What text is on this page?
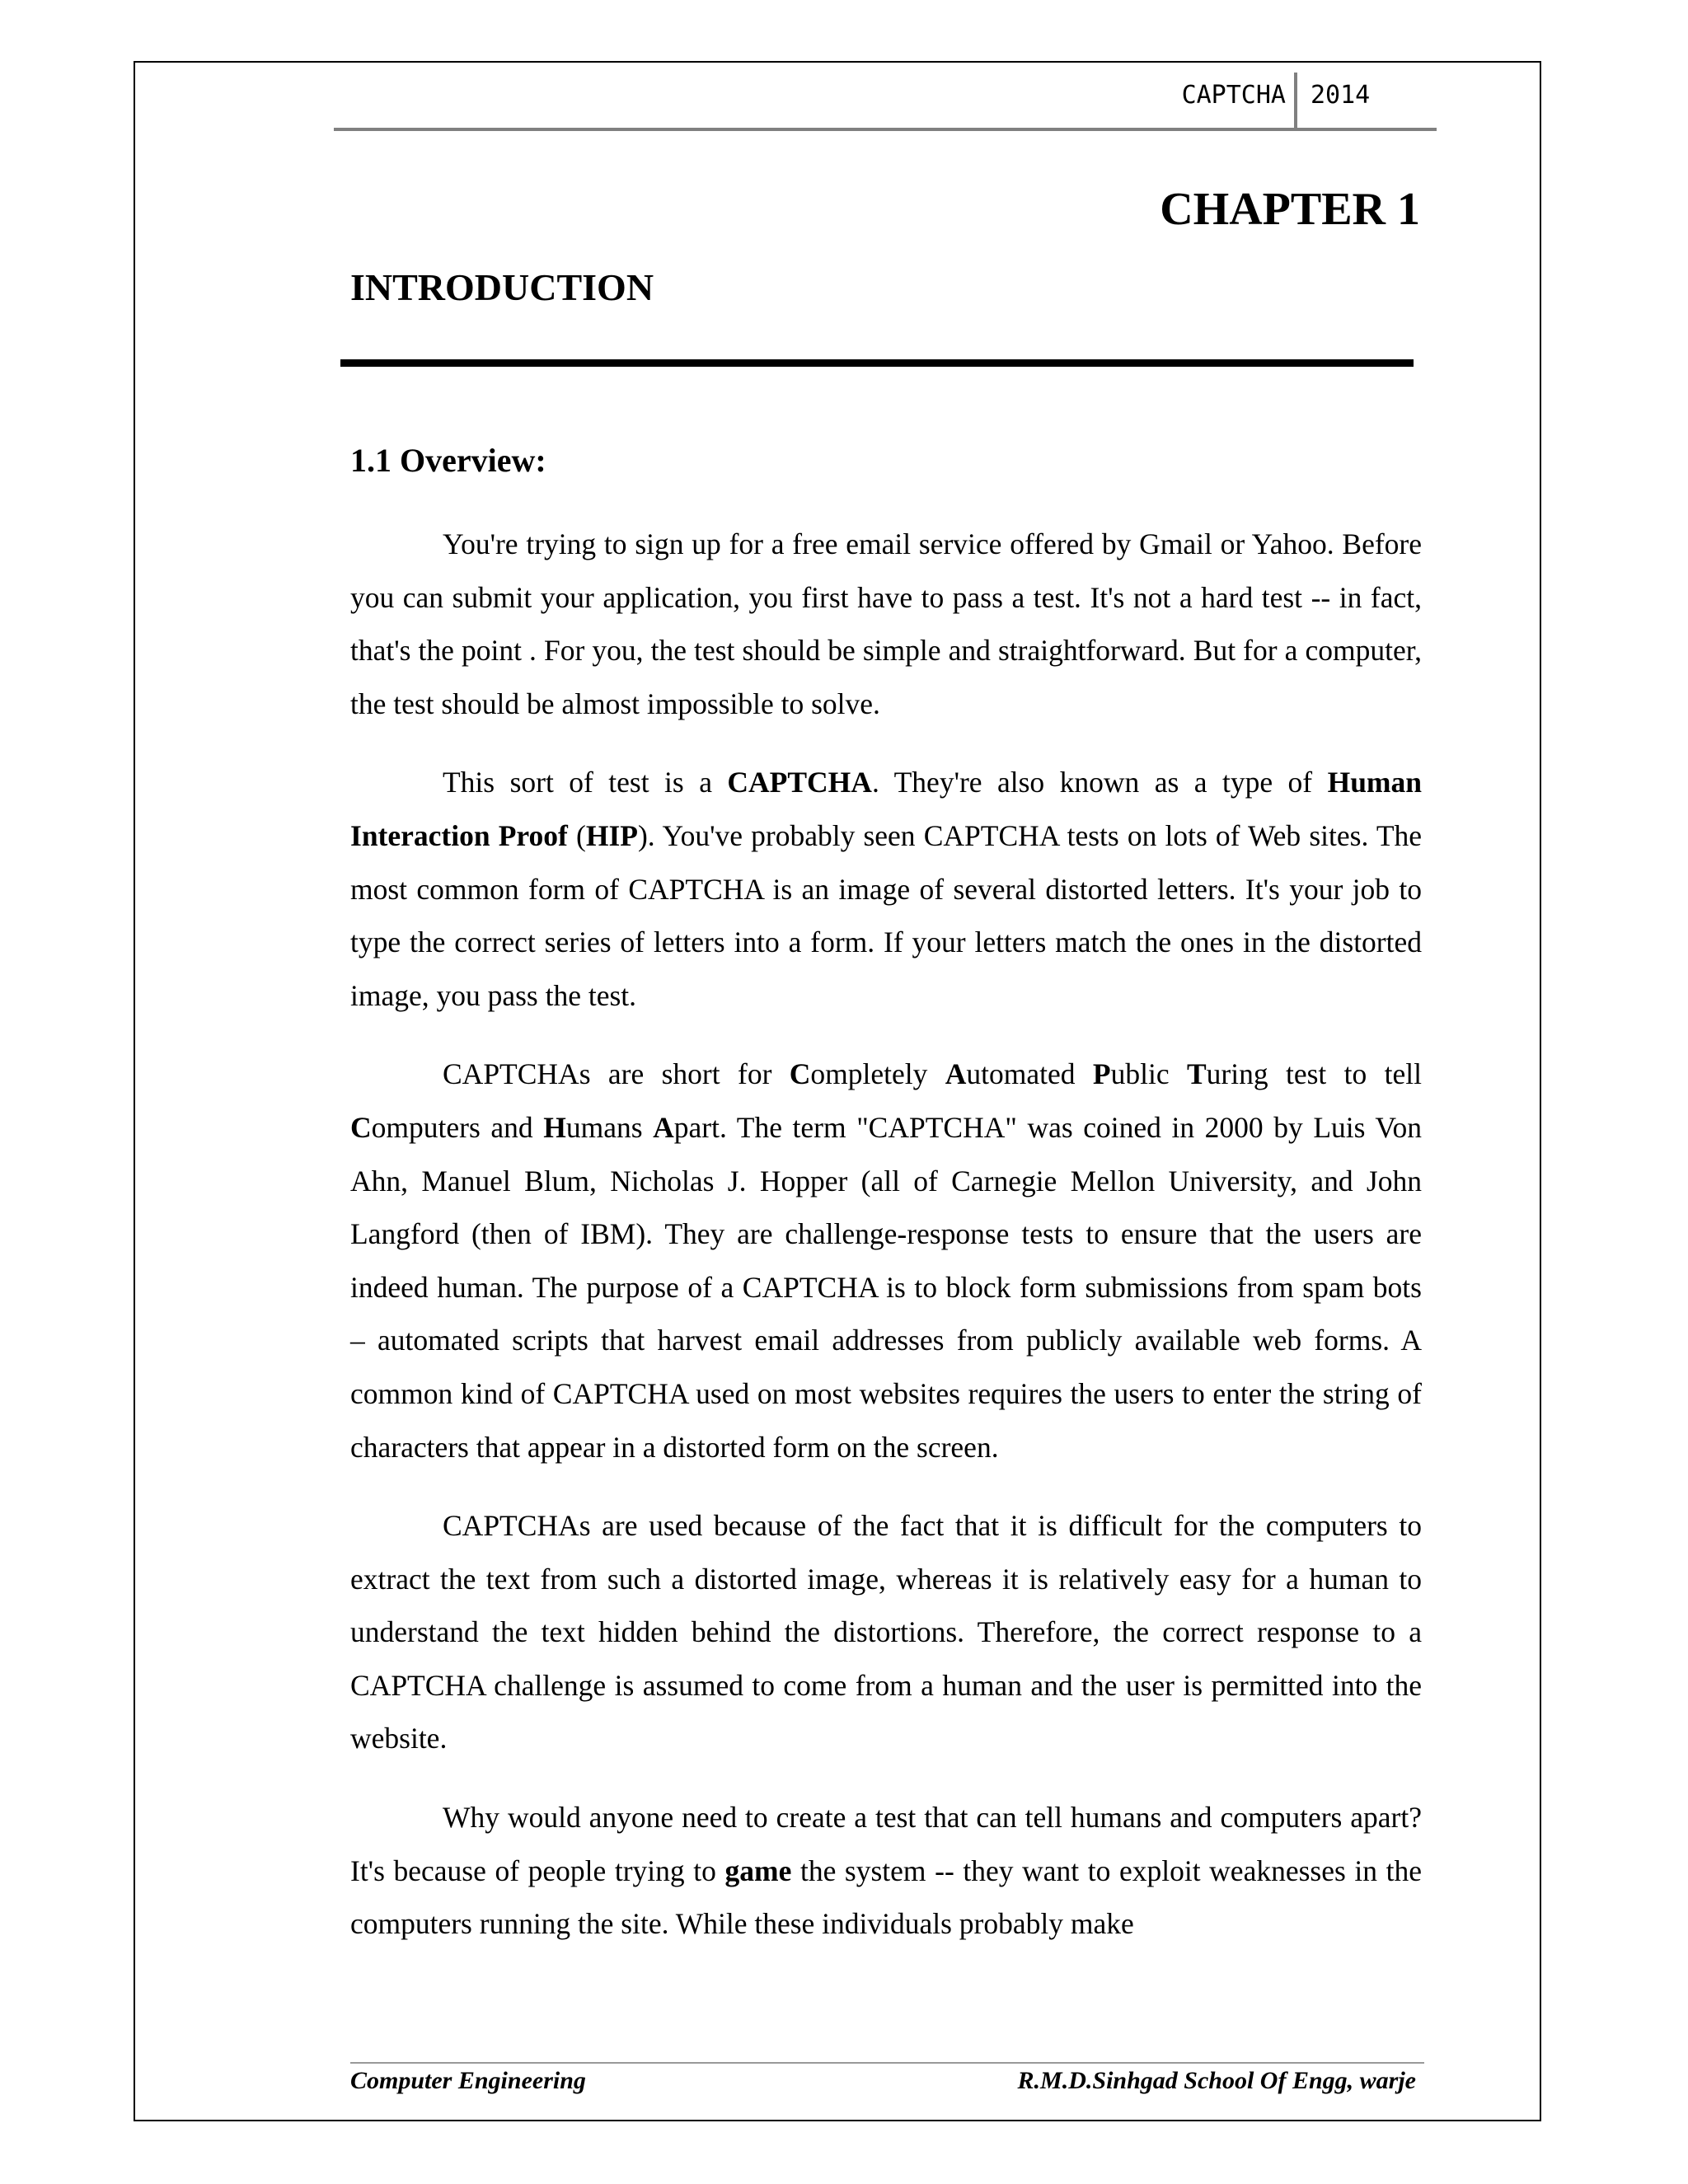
CAPTCHA 2014
CHAPTER 1
INTRODUCTION
1.1 Overview:

You're trying to sign up for a free email service offered by Gmail or Yahoo. Before you can submit your application, you first have to pass a test. It's not a hard test -- in fact, that's the point . For you, the test should be simple and straightforward. But for a computer, the test should be almost impossible to solve.

This sort of test is a CAPTCHA. They're also known as a type of Human Interaction Proof (HIP). You've probably seen CAPTCHA tests on lots of Web sites. The most common form of CAPTCHA is an image of several distorted letters. It's your job to type the correct series of letters into a form. If your letters match the ones in the distorted image, you pass the test.

CAPTCHAs are short for Completely Automated Public Turing test to tell Computers and Humans Apart. The term "CAPTCHA" was coined in 2000 by Luis Von Ahn, Manuel Blum, Nicholas J. Hopper (all of Carnegie Mellon University, and John Langford (then of IBM). They are challenge-response tests to ensure that the users are indeed human. The purpose of a CAPTCHA is to block form submissions from spam bots – automated scripts that harvest email addresses from publicly available web forms. A common kind of CAPTCHA used on most websites requires the users to enter the string of characters that appear in a distorted form on the screen.

CAPTCHAs are used because of the fact that it is difficult for the computers to extract the text from such a distorted image, whereas it is relatively easy for a human to understand the text hidden behind the distortions. Therefore, the correct response to a CAPTCHA challenge is assumed to come from a human and the user is permitted into the website.

Why would anyone need to create a test that can tell humans and computers apart? It's because of people trying to game the system -- they want to exploit weaknesses in the computers running the site. While these individuals probably make

Computer Engineering	R.M.D.Sinhgad School Of Engg, warje
